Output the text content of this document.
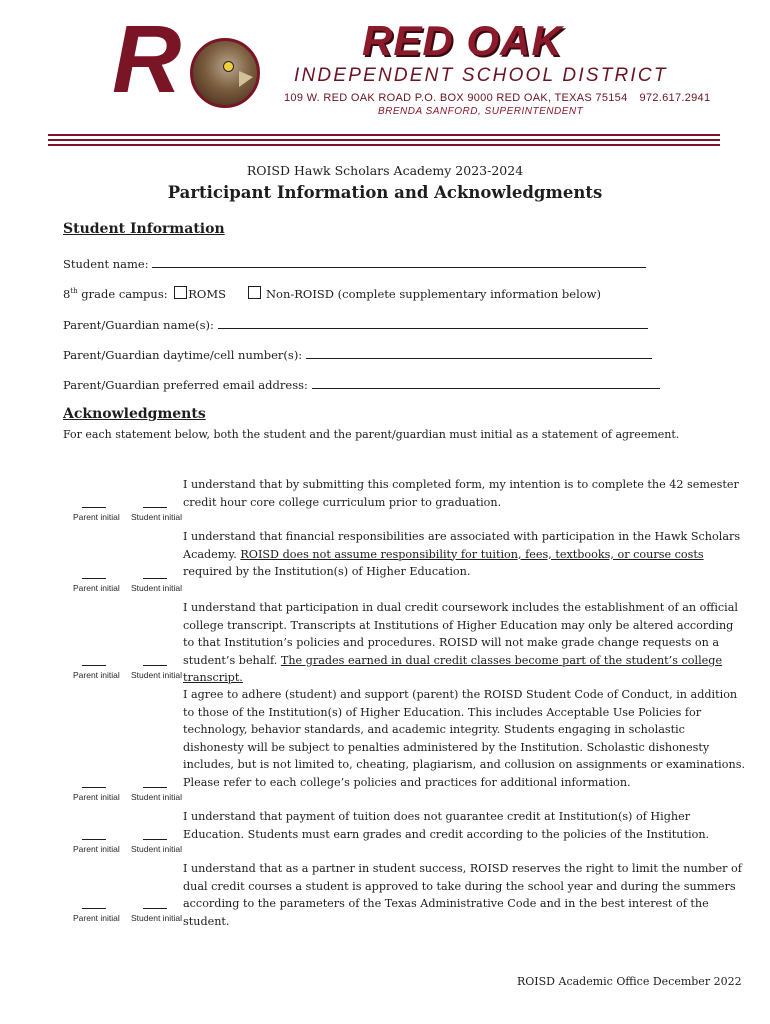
R	RED OAK
INDEPENDENT SCHOOL DISTRICT
109 W. RED OAK ROAD P.O. BOX 9000 RED OAK, TEXAS 75154 972.617.2941
BRENDA SANFORD, SUPERINTENDENT
ROISD Hawk Scholars Academy 2023-2024
Participant Information and Acknowledgments
Student Information
Student name:
8th grade campus: ROMS	Non-ROISD (complete supplementary information below)
Parent/Guardian name(s):
Parent/Guardian daytime/cell number(s):
Parent/Guardian preferred email address:
Acknowledgments
For each statement below, both the student and the parent/guardian must initial as a statement of agreement.
I understand that by submitting this completed form, my intention is to complete the 42 semester credit hour core college curriculum prior to graduation.
Parent initial Student initial
I understand that financial responsibilities are associated with participation in the Hawk Scholars Academy. ROISD does not assume responsibility for tuition, fees, textbooks, or course costs required by the Institution(s) of Higher Education.
Parent initial Student initial
I understand that participation in dual credit coursework includes the establishment of an official college transcript. Transcripts at Institutions of Higher Education may only be altered according to that Institution’s policies and procedures. ROISD will not make grade change requests on a student’s behalf. The grades earned in dual credit classes become part of the student’s college transcript.
Parent initial Student initial
I agree to adhere (student) and support (parent) the ROISD Student Code of Conduct, in addition to those of the Institution(s) of Higher Education. This includes Acceptable Use Policies for technology, behavior standards, and academic integrity. Students engaging in scholastic dishonesty will be subject to penalties administered by the Institution. Scholastic dishonesty includes, but is not limited to, cheating, plagiarism, and collusion on assignments or examinations. Please refer to each college’s policies and practices for additional information.
Parent initial Student initial
I understand that payment of tuition does not guarantee credit at Institution(s) of Higher Education. Students must earn grades and credit according to the policies of the Institution.
Parent initial Student initial
I understand that as a partner in student success, ROISD reserves the right to limit the number of dual credit courses a student is approved to take during the school year and during the summers according to the parameters of the Texas Administrative Code and in the best interest of the student.
Parent initial Student initial
ROISD Academic Office December 2022
